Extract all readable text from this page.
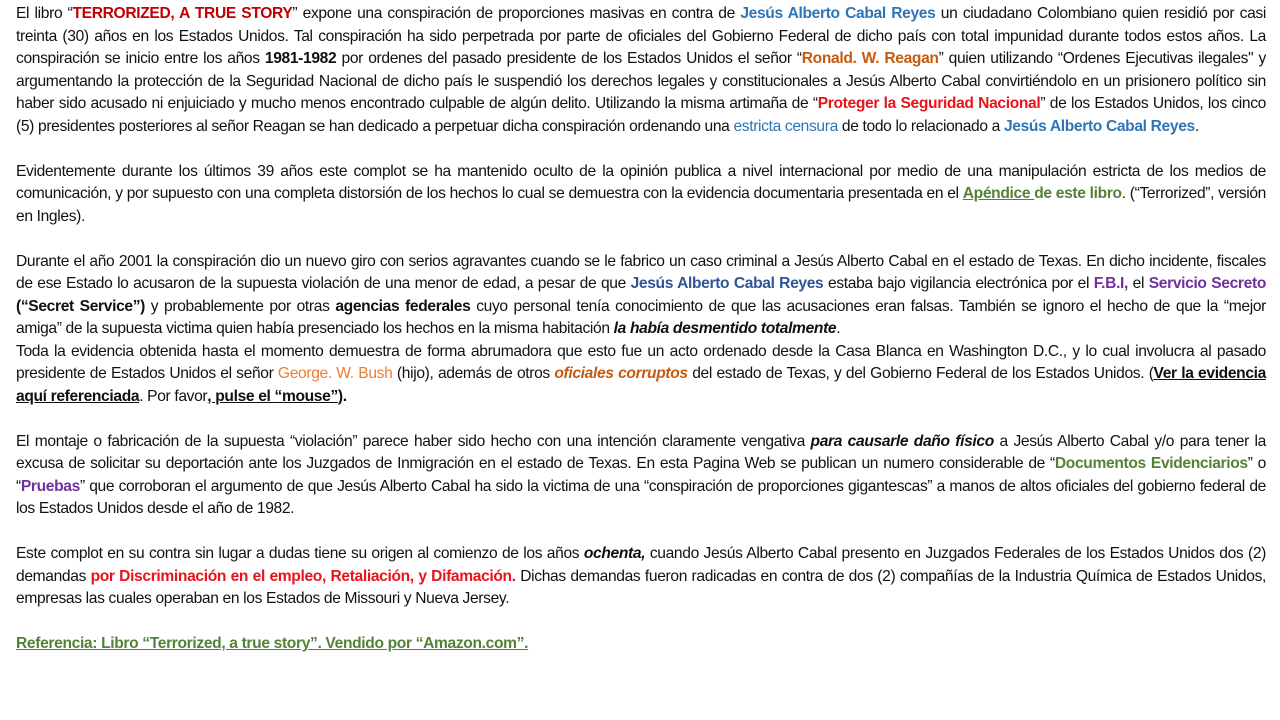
El libro “TERRORIZED, A TRUE STORY” expone una conspiración de proporciones masivas en contra de Jesús Alberto Cabal Reyes un ciudadano Colombiano quien residió por casi treinta (30) años en los Estados Unidos. Tal conspiración ha sido perpetrada por parte de oficiales del Gobierno Federal de dicho país con total impunidad durante todos estos años. La conspiración se inicio entre los años 1981-1982 por ordenes del pasado presidente de los Estados Unidos el señor “Ronald. W. Reagan” quien utilizando “Ordenes Ejecutivas ilegales" y argumentando la protección de la Seguridad Nacional de dicho país le suspendió los derechos legales y constitucionales a Jesús Alberto Cabal convirtiéndolo en un prisionero político sin haber sido acusado ni enjuiciado y mucho menos encontrado culpable de algún delito. Utilizando la misma artimaña de “Proteger la Seguridad Nacional” de los Estados Unidos, los cinco (5) presidentes posteriores al señor Reagan se han dedicado a perpetuar dicha conspiración ordenando una estricta censura de todo lo relacionado a Jesús Alberto Cabal Reyes.

Evidentemente durante los últimos 39 años este complot se ha mantenido oculto de la opinión publica a nivel internacional por medio de una manipulación estricta de los medios de comunicación, y por supuesto con una completa distorsión de los hechos lo cual se demuestra con la evidencia documentaria presentada en el Apéndice de este libro. (“Terrorized”, versión en Ingles).

Durante el año 2001 la conspiración dio un nuevo giro con serios agravantes cuando se le fabrico un caso criminal a Jesús Alberto Cabal en el estado de Texas. En dicho incidente, fiscales de ese Estado lo acusaron de la supuesta violación de una menor de edad, a pesar de que Jesús Alberto Cabal Reyes estaba bajo vigilancia electrónica por el F.B.I, el Servicio Secreto (“Secret Service”) y probablemente por otras agencias federales cuyo personal tenía conocimiento de que las acusaciones eran falsas. También se ignoro el hecho de que la “mejor amiga” de la supuesta victima quien había presenciado los hechos en la misma habitación la había desmentido totalmente.

Toda la evidencia obtenida hasta el momento demuestra de forma abrumadora que esto fue un acto ordenado desde la Casa Blanca en Washington D.C., y lo cual involucra al pasado presidente de Estados Unidos el señor George. W. Bush (hijo), además de otros oficiales corruptos del estado de Texas, y del Gobierno Federal de los Estados Unidos. (Ver la evidencia aquí referenciada. Por favor, pulse el “mouse”).

El montaje o fabricación de la supuesta “violación” parece haber sido hecho con una intención claramente vengativa para causarle daño físico a Jesús Alberto Cabal y/o para tener la excusa de solicitar su deportación ante los Juzgados de Inmigración en el estado de Texas. En esta Pagina Web se publican un numero considerable de “Documentos Evidenciarios” o “Pruebas” que corroboran el argumento de que Jesús Alberto Cabal ha sido la victima de una “conspiración de proporciones gigantescas” a manos de altos oficiales del gobierno federal de los Estados Unidos desde el año de 1982.

Este complot en su contra sin lugar a dudas tiene su origen al comienzo de los años ochenta, cuando Jesús Alberto Cabal presento en Juzgados Federales de los Estados Unidos dos (2) demandas por Discriminación en el empleo, Retaliación, y Difamación. Dichas demandas fueron radicadas en contra de dos (2) compañías de la Industria Química de Estados Unidos, empresas las cuales operaban en los Estados de Missouri y Nueva Jersey.

Referencia: Libro “Terrorized, a true story”. Vendido por “Amazon.com”.
